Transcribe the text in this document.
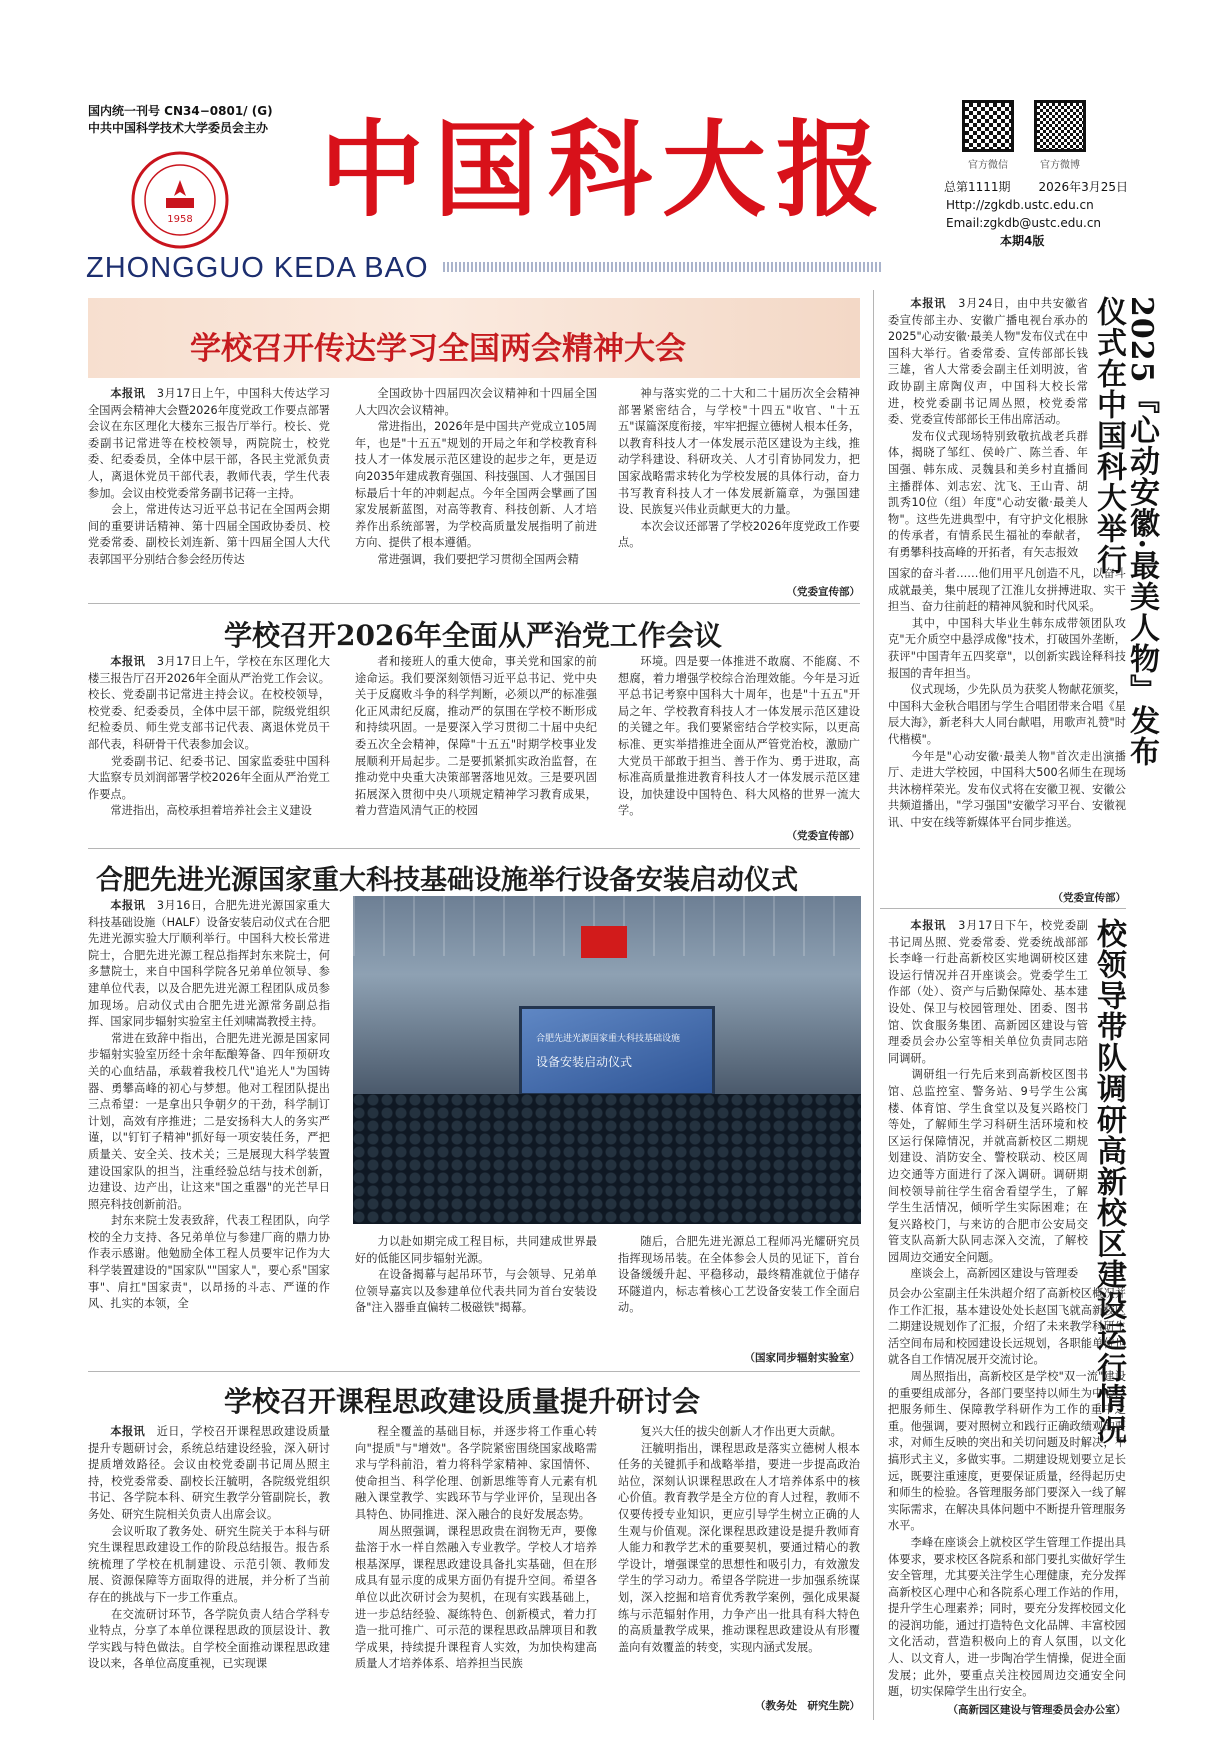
国内统一刊号 CN34−0801/ (G)
中共中国科学技术大学委员会主办
1958 中国科大报
ZHONGGUO KEDA BAO
官方微信	官方微博
总第1111期 2026年3月25日
Http://zgkdb.ustc.edu.cn
Email:zgkdb@ustc.edu.cn
本期4版
学校召开传达学习全国两会精神大会

本报讯　3月17日上午，中国科大传达学习全国两会精神大会暨2026年度党政工作要点部署会议在东区理化大楼东三报告厅举行。校长、党委副书记常进等在校校领导，两院院士，校党委、纪委委员，全体中层干部，各民主党派负责人，离退休党员干部代表，教师代表，学生代表参加。会议由校党委常务副书记蒋一主持。
　　会上，常进传达习近平总书记在全国两会期间的重要讲话精神、第十四届全国政协委员、校党委常委、副校长刘连新、第十四届全国人大代表郭国平分别结合参会经历传达

全国政协十四届四次会议精神和十四届全国人大四次会议精神。
　　常进指出，2026年是中国共产党成立105周年，也是"十五五"规划的开局之年和学校教育科技人才一体发展示范区建设的起步之年，更是迈向2035年建成教育强国、科技强国、人才强国目标最后十年的冲刺起点。今年全国两会擘画了国家发展新蓝图，对高等教育、科技创新、人才培养作出系统部署，为学校高质量发展指明了前进方向、提供了根本遵循。
　　常进强调，我们要把学习贯彻全国两会精

神与落实党的二十大和二十届历次全会精神部署紧密结合，与学校"十四五"收官、"十五五"谋篇深度衔接，牢牢把握立德树人根本任务，以教育科技人才一体发展示范区建设为主线，推动学科建设、科研攻关、人才引育协同发力，把国家战略需求转化为学校发展的具体行动，奋力书写教育科技人才一体发展新篇章，为强国建设、民族复兴伟业贡献更大的力量。
　　本次会议还部署了学校2026年度党政工作要点。

（党委宣传部）
学校召开2026年全面从严治党工作会议

本报讯　3月17日上午，学校在东区理化大楼三报告厅召开2026年全面从严治党工作会议。校长、党委副书记常进主持会议。在校校领导，校党委、纪委委员，全体中层干部，院级党组织纪检委员、师生党支部书记代表、离退休党员干部代表，科研骨干代表参加会议。
　　党委副书记、纪委书记、国家监委驻中国科大监察专员刘润部署学校2026年全面从严治党工作要点。
　　常进指出，高校承担着培养社会主义建设

者和接班人的重大使命，事关党和国家的前途命运。我们要深刻领悟习近平总书记、党中央关于反腐败斗争的科学判断，必须以严的标准强化正风肃纪反腐，推动严的氛围在学校不断形成和持续巩固。一是要深入学习贯彻二十届中央纪委五次全会精神，保障"十五五"时期学校事业发展顺利开局起步。二是要抓紧抓实政治监督，在推动党中央重大决策部署落地见效。三是要巩固拓展深入贯彻中央八项规定精神学习教育成果，着力营造风清气正的校园

环境。四是要一体推进不敢腐、不能腐、不想腐，着力增强学校综合治理效能。今年是习近平总书记考察中国科大十周年，也是"十五五"开局之年、学校教育科技人才一体发展示范区建设的关键之年。我们要紧密结合学校实际，以更高标准、更实举措推进全面从严管党治校，激励广大党员干部敢于担当、善于作为、勇于进取，高标准高质量推进教育科技人才一体发展示范区建设，加快建设中国特色、科大风格的世界一流大学。

（党委宣传部）
合肥先进光源国家重大科技基础设施举行设备安装启动仪式

本报讯　3月16日，合肥先进光源国家重大科技基础设施（HALF）设备安装启动仪式在合肥先进光源实验大厅顺利举行。中国科大校长常进院士，合肥先进光源工程总指挥封东来院士，何多慧院士，来自中国科学院各兄弟单位领导、参建单位代表，以及合肥先进光源工程团队成员参加现场。启动仪式由合肥先进光源常务副总指挥、国家同步辐射实验室主任刘啸嵩教授主持。
　　常进在致辞中指出，合肥先进光源是国家同步辐射实验室历经十余年酝酿筹备、四年预研攻关的心血结晶，承载着我校几代"追光人"为国铸器、勇攀高峰的初心与梦想。他对工程团队提出三点希望：一是拿出只争朝夕的干劲，科学制订计划，高效有序推进；二是安扬科大人的务实严谨，以"钉钉子精神"抓好每一项安装任务，严把质量关、安全关、技术关；三是展现大科学装置建设国家队的担当，注重经验总结与技术创新，边建设、边产出，让这来"国之重器"的光芒早日照亮科技创新前沿。
　　封东来院士发表致辞，代表工程团队，向学校的全力支持、各兄弟单位与参建厂商的鼎力协作表示感谢。他勉励全体工程人员要牢记作为大科学装置建设的"国家队""国家人"，要心系"国家事"、肩扛"国家责"，以昂扬的斗志、严谨的作风、扎实的本领，全

合肥先进光源国家重大科技基础设施
设备安装启动仪式

力以赴如期完成工程目标，共同建成世界最好的低能区同步辐射光源。
　　在设备揭幕与起吊环节，与会领导、兄弟单位领导嘉宾以及参建单位代表共同为首台安装设备"注入器垂直偏转二极磁铁"揭幕。

随后，合肥先进光源总工程师冯光耀研究员指挥现场吊装。在全体参会人员的见证下，首台设备缓缓升起、平稳移动，最终精准就位于储存环隧道内，标志着核心工艺设备安装工作全面启动。

（国家同步辐射实验室）
学校召开课程思政建设质量提升研讨会

本报讯　近日，学校召开课程思政建设质量提升专题研讨会，系统总结建设经验，深入研讨提质增效路径。会议由校党委副书记周丛照主持，校党委常委、副校长汪毓明，各院级党组织书记、各学院本科、研究生教学分管副院长，教务处、研究生院相关负责人出席会议。
　　会议听取了教务处、研究生院关于本科与研究生课程思政建设工作的阶段总结报告。报告系统梳理了学校在机制建设、示范引领、教师发展、资源保障等方面取得的进展，并分析了当前存在的挑战与下一步工作重点。
　　在交流研讨环节，各学院负责人结合学科专业特点，分享了本单位课程思政的顶层设计、教学实践与特色做法。自学校全面推动课程思政建设以来，各单位高度重视，已实现课

程全覆盖的基础目标，并逐步将工作重心转向"提质"与"增效"。各学院紧密围绕国家战略需求与学科前沿，着力将科学家精神、家国情怀、使命担当、科学伦理、创新思维等育人元素有机融入课堂教学、实践环节与学业评价，呈现出各具特色、协同推进、深入融合的良好发展态势。
　　周丛照强调，课程思政贵在润物无声，要像盐溶于水一样自然融入专业教学。学校人才培养根基深厚，课程思政建设具备扎实基础，但在形成具有显示度的成果方面仍有提升空间。希望各单位以此次研讨会为契机，在现有实践基础上，进一步总结经验、凝练特色、创新模式，着力打造一批可推广、可示范的课程思政品牌项目和教学成果，持续提升课程育人实效，为加快构建高质量人才培养体系、培养担当民族

复兴大任的拔尖创新人才作出更大贡献。
　　汪毓明指出，课程思政是落实立德树人根本任务的关键抓手和战略举措，要进一步提高政治站位，深刻认识课程思政在人才培养体系中的核心价值。教育教学是全方位的育人过程，教师不仅要传授专业知识，更应引导学生树立正确的人生观与价值观。深化课程思政建设是提升教师育人能力和教学艺术的重要契机，要通过精心的教学设计，增强课堂的思想性和吸引力，有效激发学生的学习动力。希望各学院进一步加强系统谋划，深入挖掘和培育优秀教学案例，强化成果凝练与示范辐射作用，力争产出一批具有科大特色的高质量教学成果，推动课程思政建设从有形覆盖向有效覆盖的转变，实现内涵式发展。

（教务处　研究生院）

本报讯　3月24日，由中共安徽省委宣传部主办、安徽广播电视台承办的2025"心动安徽·最美人物"发布仪式在中国科大举行。省委常委、宣传部部长钱三雄，省人大常委会副主任刘明波，省政协副主席陶仪声，中国科大校长常进，校党委副书记周丛照，校党委常委、党委宣传部部长王伟出席活动。
　　发布仪式现场特别致敬抗战老兵群体，揭晓了邹红、侯岭广、陈兰香、年国强、韩东成、灵魏县和美乡村直播间主播群体、刘志宏、沈飞、王山青、胡凯秀10位（组）年度"心动安徽·最美人物"。这些先进典型中，有守护文化根脉的传承者，有情系民生福祉的奉献者，有勇攀科技高峰的开拓者，有矢志报效	2025『心动安徽·最美人物』发布仪式在中国科大举行

国家的奋斗者……他们用平凡创造不凡，以奋斗成就最美，集中展现了江淮儿女拼搏进取、实干担当、奋力往前赶的精神风貌和时代风采。
　　其中，中国科大毕业生韩东成带领团队攻克"无介质空中悬浮成像"技术，打破国外垄断，获评"中国青年五四奖章"，以创新实践诠释科技报国的青年担当。
　　仪式现场，少先队员为获奖人物献花颁奖，中国科大金秋合唱团与学生合唱团带来合唱《星辰大海》，新老科大人同台献唱，用歌声礼赞"时代楷模"。
　　今年是"心动安徽·最美人物"首次走出演播厅、走进大学校园，中国科大500名师生在现场共沐榜样荣光。发布仪式将在安徽卫视、安徽公共频道播出，"学习强国"安徽学习平台、安徽视讯、中安在线等新媒体平台同步推送。

（党委宣传部）

本报讯　3月17日下午，校党委副书记周丛照、党委常委、党委统战部部长李峰一行赴高新校区实地调研校区建设运行情况并召开座谈会。党委学生工作部（处）、资产与后勤保障处、基本建设处、保卫与校园管理处、团委、图书馆、饮食服务集团、高新园区建设与管理委员会办公室等相关单位负责同志陪同调研。
　　调研组一行先后来到高新校区图书馆、总监控室、警务站、9号学生公寓楼、体育馆、学生食堂以及复兴路校门等处，了解师生学习科研生活环境和校区运行保障情况，并就高新校区二期规划建设、消防安全、警校联动、校区周边交通等方面进行了深入调研。调研期间校领导前往学生宿舍看望学生，了解学生生活情况，倾听学生实际困难；在复兴路校门，与来访的合肥市公安局交管支队高新大队同志深入交流，了解校园周边交通安全问题。
　　座谈会上，高新园区建设与管理委 校领导带队调研高新校区建设运行情况

员会办公室副主任朱洪超介绍了高新校区概况并作工作汇报，基本建设处处长赵国飞就高新校区二期建设规划作了汇报，介绍了未来教学科研生活空间布局和校园建设长远规划，各职能单位也就各自工作情况展开交流讨论。
　　周丛照指出，高新校区是学校"双一流"建设的重要组成部分，各部门要坚持以师生为中心，把服务师生、保障教学科研作为工作的重中之重。他强调，要对照树立和践行正确政绩观的要求，对师生反映的突出和关切问题及时解决，不搞形式主义，多做实事。二期建设规划要立足长远，既要注重速度，更要保证质量，经得起历史和师生的检验。各管理服务部门要深入一线了解实际需求，在解决具体问题中不断提升管理服务水平。
　　李峰在座谈会上就校区学生管理工作提出具体要求，要求校区各院系和部门要扎实做好学生安全管理，尤其要关注学生心理健康，充分发挥高新校区心理中心和各院系心理工作站的作用，提升学生心理素养；同时，要充分发挥校园文化的浸润功能，通过打造特色文化品牌、丰富校园文化活动，营造积极向上的育人氛围，以文化人、以文育人，进一步陶冶学生情操，促进全面发展；此外，要重点关注校园周边交通安全问题，切实保障学生出行安全。

（高新园区建设与管理委员会办公室）
